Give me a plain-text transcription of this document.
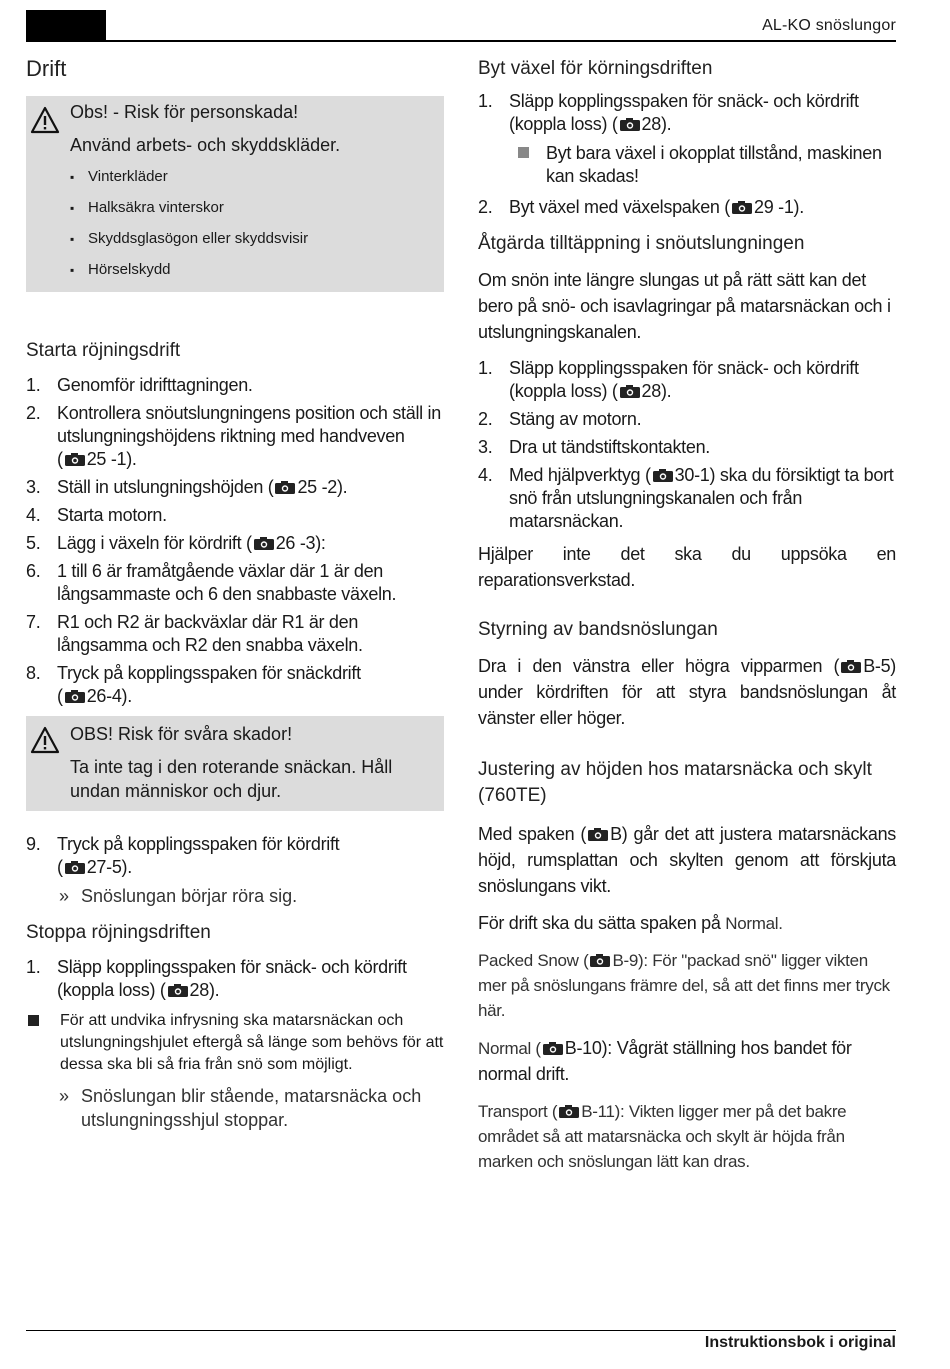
AL-KO snöslungor
Drift
Obs! - Risk för personskada!
Använd arbets- och skyddskläder.
▪ Vinterkläder
▪ Halksäkra vinterskor
▪ Skyddsglasögon eller skyddsvisir
▪ Hörselskydd
Starta röjningsdrift
1. Genomför idrifttagningen.
2. Kontrollera snöutslungningens position och ställ in utslungningshöjdens riktning med handveven
( 25 -1).
3. Ställ in utslungningshöjden ( 25 -2).
4. Starta motorn.
5. Lägg i växeln för kördrift ( 26 -3):
6. 1 till 6 är framåtgående växlar där 1 är den långsammaste och 6 den snabbaste växeln.
7. R1 och R2 är backväxlar där R1 är den långsamma och R2 den snabba växeln.
8. Tryck på kopplingsspaken för snäckdrift
( 26-4).
OBS! Risk för svåra skador!
Ta inte tag i den roterande snäckan. Håll undan människor och djur.
9. Tryck på kopplingsspaken för kördrift
( 27-5).
» Snöslungan börjar röra sig.
Stoppa röjningsdriften
1. Släpp kopplingsspaken för snäck- och kördrift (koppla loss) ( 28).
För att undvika infrysning ska matarsnäckan och utslungningshjulet eftergå så länge som behövs för att dessa ska bli så fria från snö som möjligt.
» Snöslungan blir stående, matarsnäcka och utslungningsshjul stoppar.
Byt växel för körningsdriften
1. Släpp kopplingsspaken för snäck- och kördrift (koppla loss) ( 28).
Byt bara växel i okopplat tillstånd, maskinen kan skadas!
2. Byt växel med växelspaken ( 29 -1).
Åtgärda tilltäppning i snöutslungningen

Om snön inte längre slungas ut på rätt sätt kan det bero på snö- och isavlagringar på matarsnäckan och i utslungningskanalen.

1. Släpp kopplingsspaken för snäck- och kördrift (koppla loss) ( 28).
2. Stäng av motorn.
3. Dra ut tändstiftskontakten.
4. Med hjälpverktyg ( 30-1) ska du försiktigt ta bort snö från utslungningskanalen och från matarsnäckan.

Hjälper inte det ska du uppsöka en reparationsverkstad.

Styrning av bandsnöslungan

Dra i den vänstra eller högra vipparmen ( B-5) under kördriften för att styra bandsnöslungan åt vänster eller höger.

Justering av höjden hos matarsnäcka och skylt (760TE)

Med spaken ( B) går det att justera matarsnäckans höjd, rumsplattan och skylten genom att förskjuta snöslungans vikt.

För drift ska du sätta spaken på Normal.

Packed Snow ( B-9): För "packad snö" ligger vikten mer på snöslungans främre del, så att det finns mer tryck här.

Normal ( B-10): Vågrät ställning hos bandet för normal drift.

Transport ( B-11): Vikten ligger mer på det bakre området så att matarsnäcka och skylt är höjda från marken och snöslungan lätt kan dras.

Instruktionsbok i original
